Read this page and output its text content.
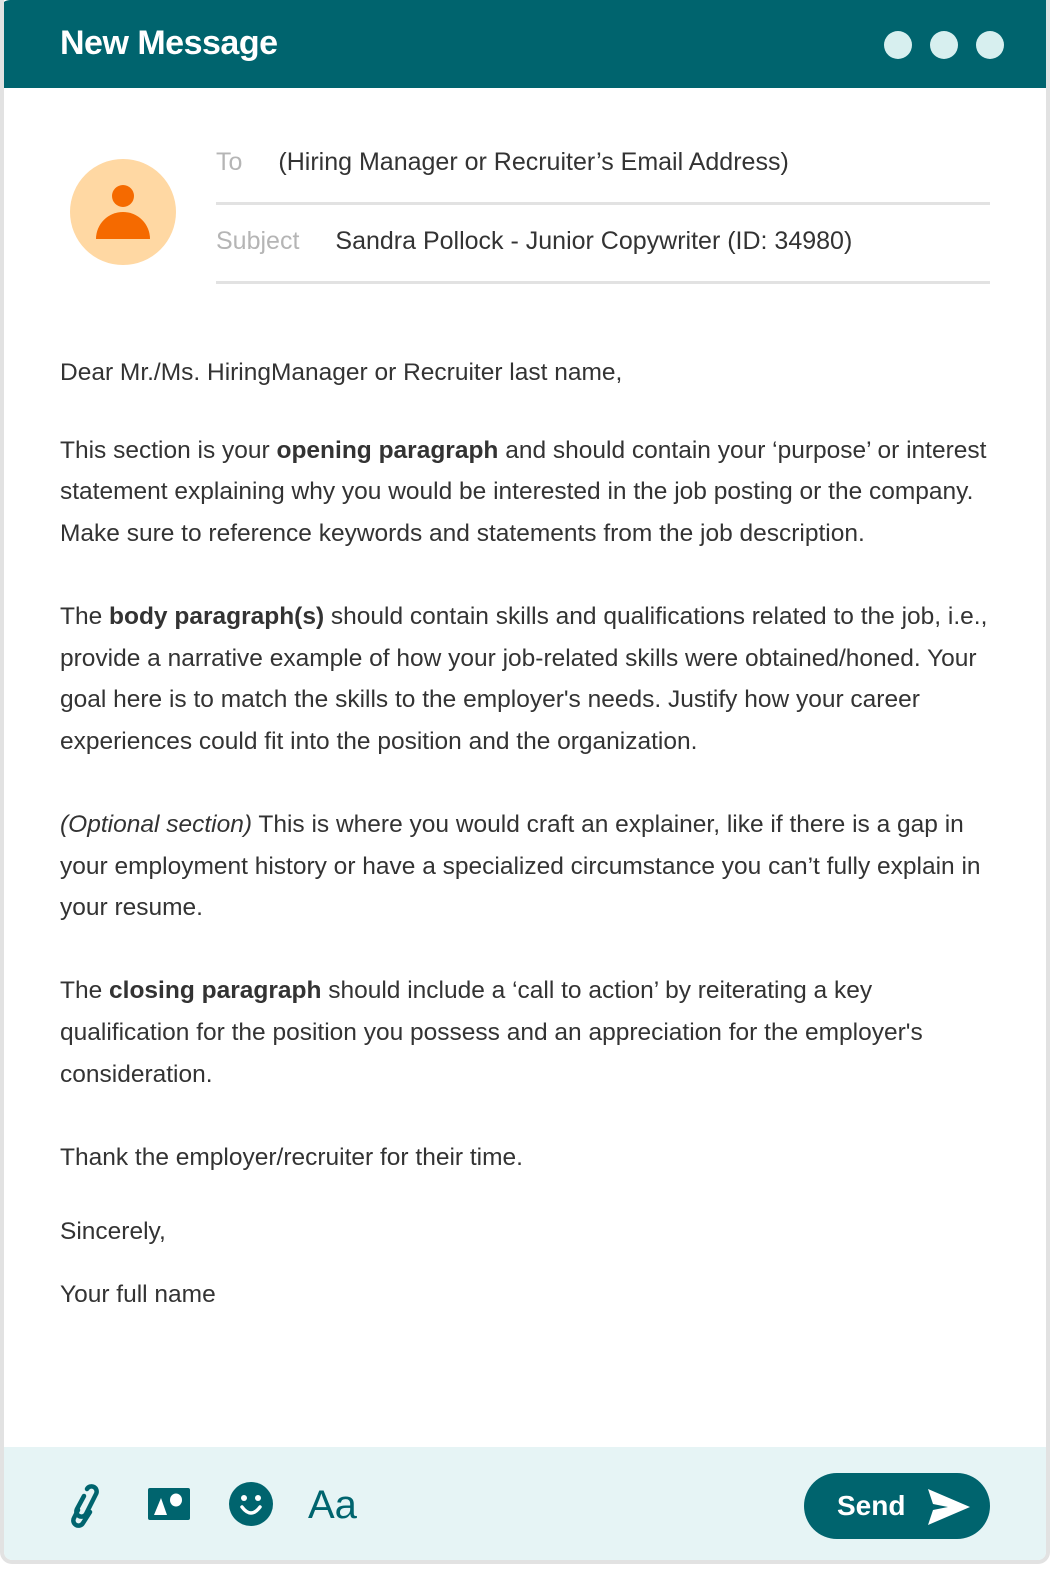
New Message
To (Hiring Manager or Recruiter’s Email Address)
Subject Sandra Pollock - Junior Copywriter (ID: 34980)

Dear Mr./Ms. HiringManager or Recruiter last name,

This section is your opening paragraph and should contain your ‘purpose’ or interest statement explaining why you would be interested in the job posting or the company. Make sure to reference keywords and statements from the job description.

The body paragraph(s) should contain skills and qualifications related to the job, i.e., provide a narrative example of how your job-related skills were obtained/honed. Your goal here is to match the skills to the employer's needs. Justify how your career experiences could fit into the position and the organization.

(Optional section) This is where you would craft an explainer, like if there is a gap in your employment history or have a specialized circumstance you can’t fully explain in your resume.

The closing paragraph should include a ‘call to action’ by reiterating a key qualification for the position you possess and an appreciation for the employer's consideration.

Thank the employer/recruiter for their time.

Sincerely,

Your full name

Aa	Send
